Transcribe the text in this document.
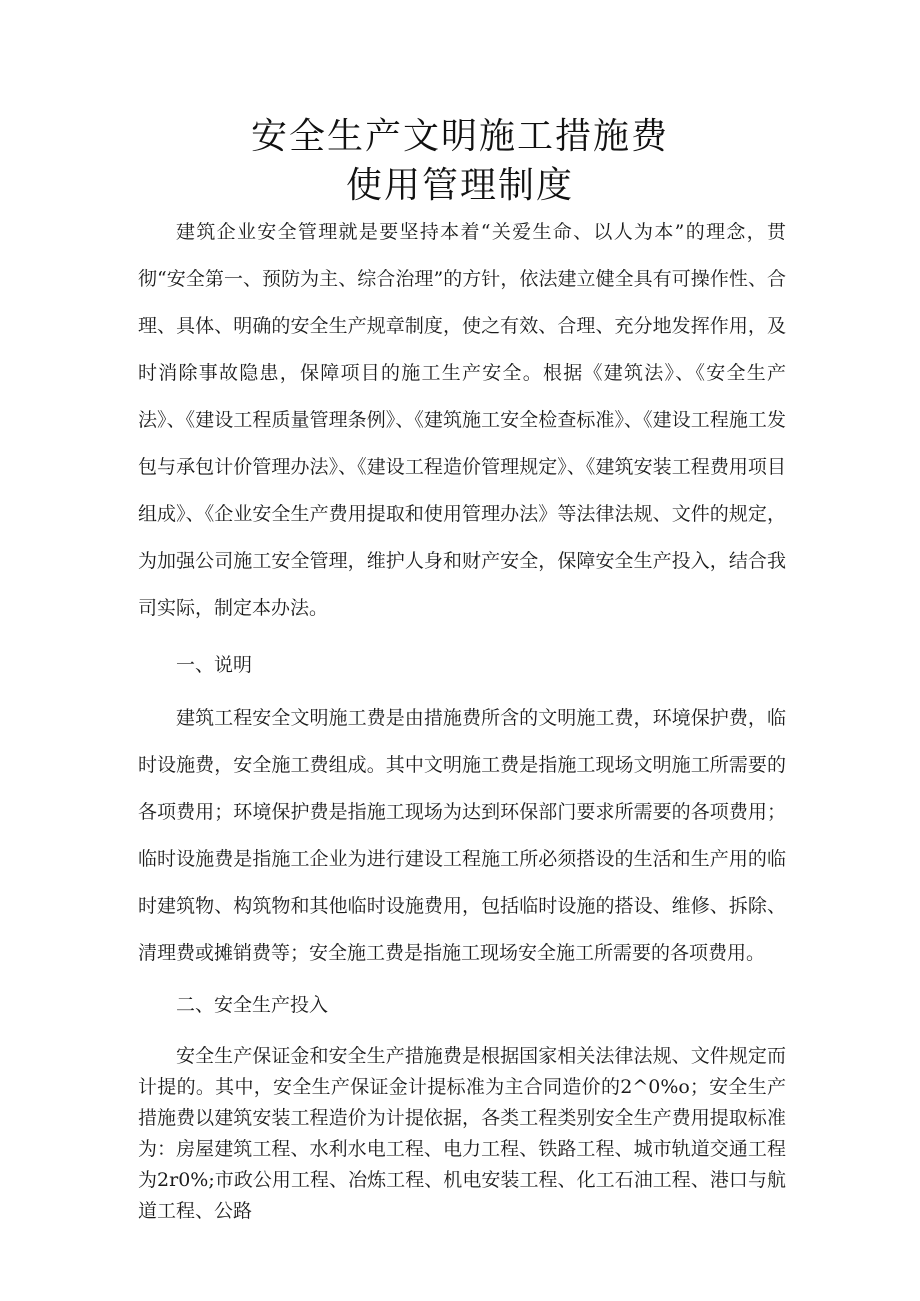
安全生产文明施工措施费
使用管理制度

建筑企业安全管理就是要坚持本着“关爱生命、以人为本”的理念，贯彻“安全第一、预防为主、综合治理”的方针，依法建立健全具有可操作性、合理、具体、明确的安全生产规章制度，使之有效、合理、充分地发挥作用，及时消除事故隐患，保障项目的施工生产安全。根据《建筑法》、《安全生产法》、《建设工程质量管理条例》、《建筑施工安全检查标准》、《建设工程施工发包与承包计价管理办法》、《建设工程造价管理规定》、《建筑安装工程费用项目组成》、《企业安全生产费用提取和使用管理办法》等法律法规、文件的规定，为加强公司施工安全管理，维护人身和财产安全，保障安全生产投入，结合我司实际，制定本办法。

一、说明

建筑工程安全文明施工费是由措施费所含的文明施工费，环境保护费，临时设施费，安全施工费组成。其中文明施工费是指施工现场文明施工所需要的各项费用；环境保护费是指施工现场为达到环保部门要求所需要的各项费用；临时设施费是指施工企业为进行建设工程施工所必须搭设的生活和生产用的临时建筑物、构筑物和其他临时设施费用，包括临时设施的搭设、维修、拆除、清理费或摊销费等；安全施工费是指施工现场安全施工所需要的各项费用。

二、安全生产投入

安全生产保证金和安全生产措施费是根据国家相关法律法规、文件规定而计提的。其中，安全生产保证金计提标准为主合同造价的2^0%o；安全生产措施费以建筑安装工程造价为计提依据，各类工程类别安全生产费用提取标准为：房屋建筑工程、水利水电工程、电力工程、铁路工程、城市轨道交通工程为2r0%;市政公用工程、冶炼工程、机电安装工程、化工石油工程、港口与航道工程、公路
